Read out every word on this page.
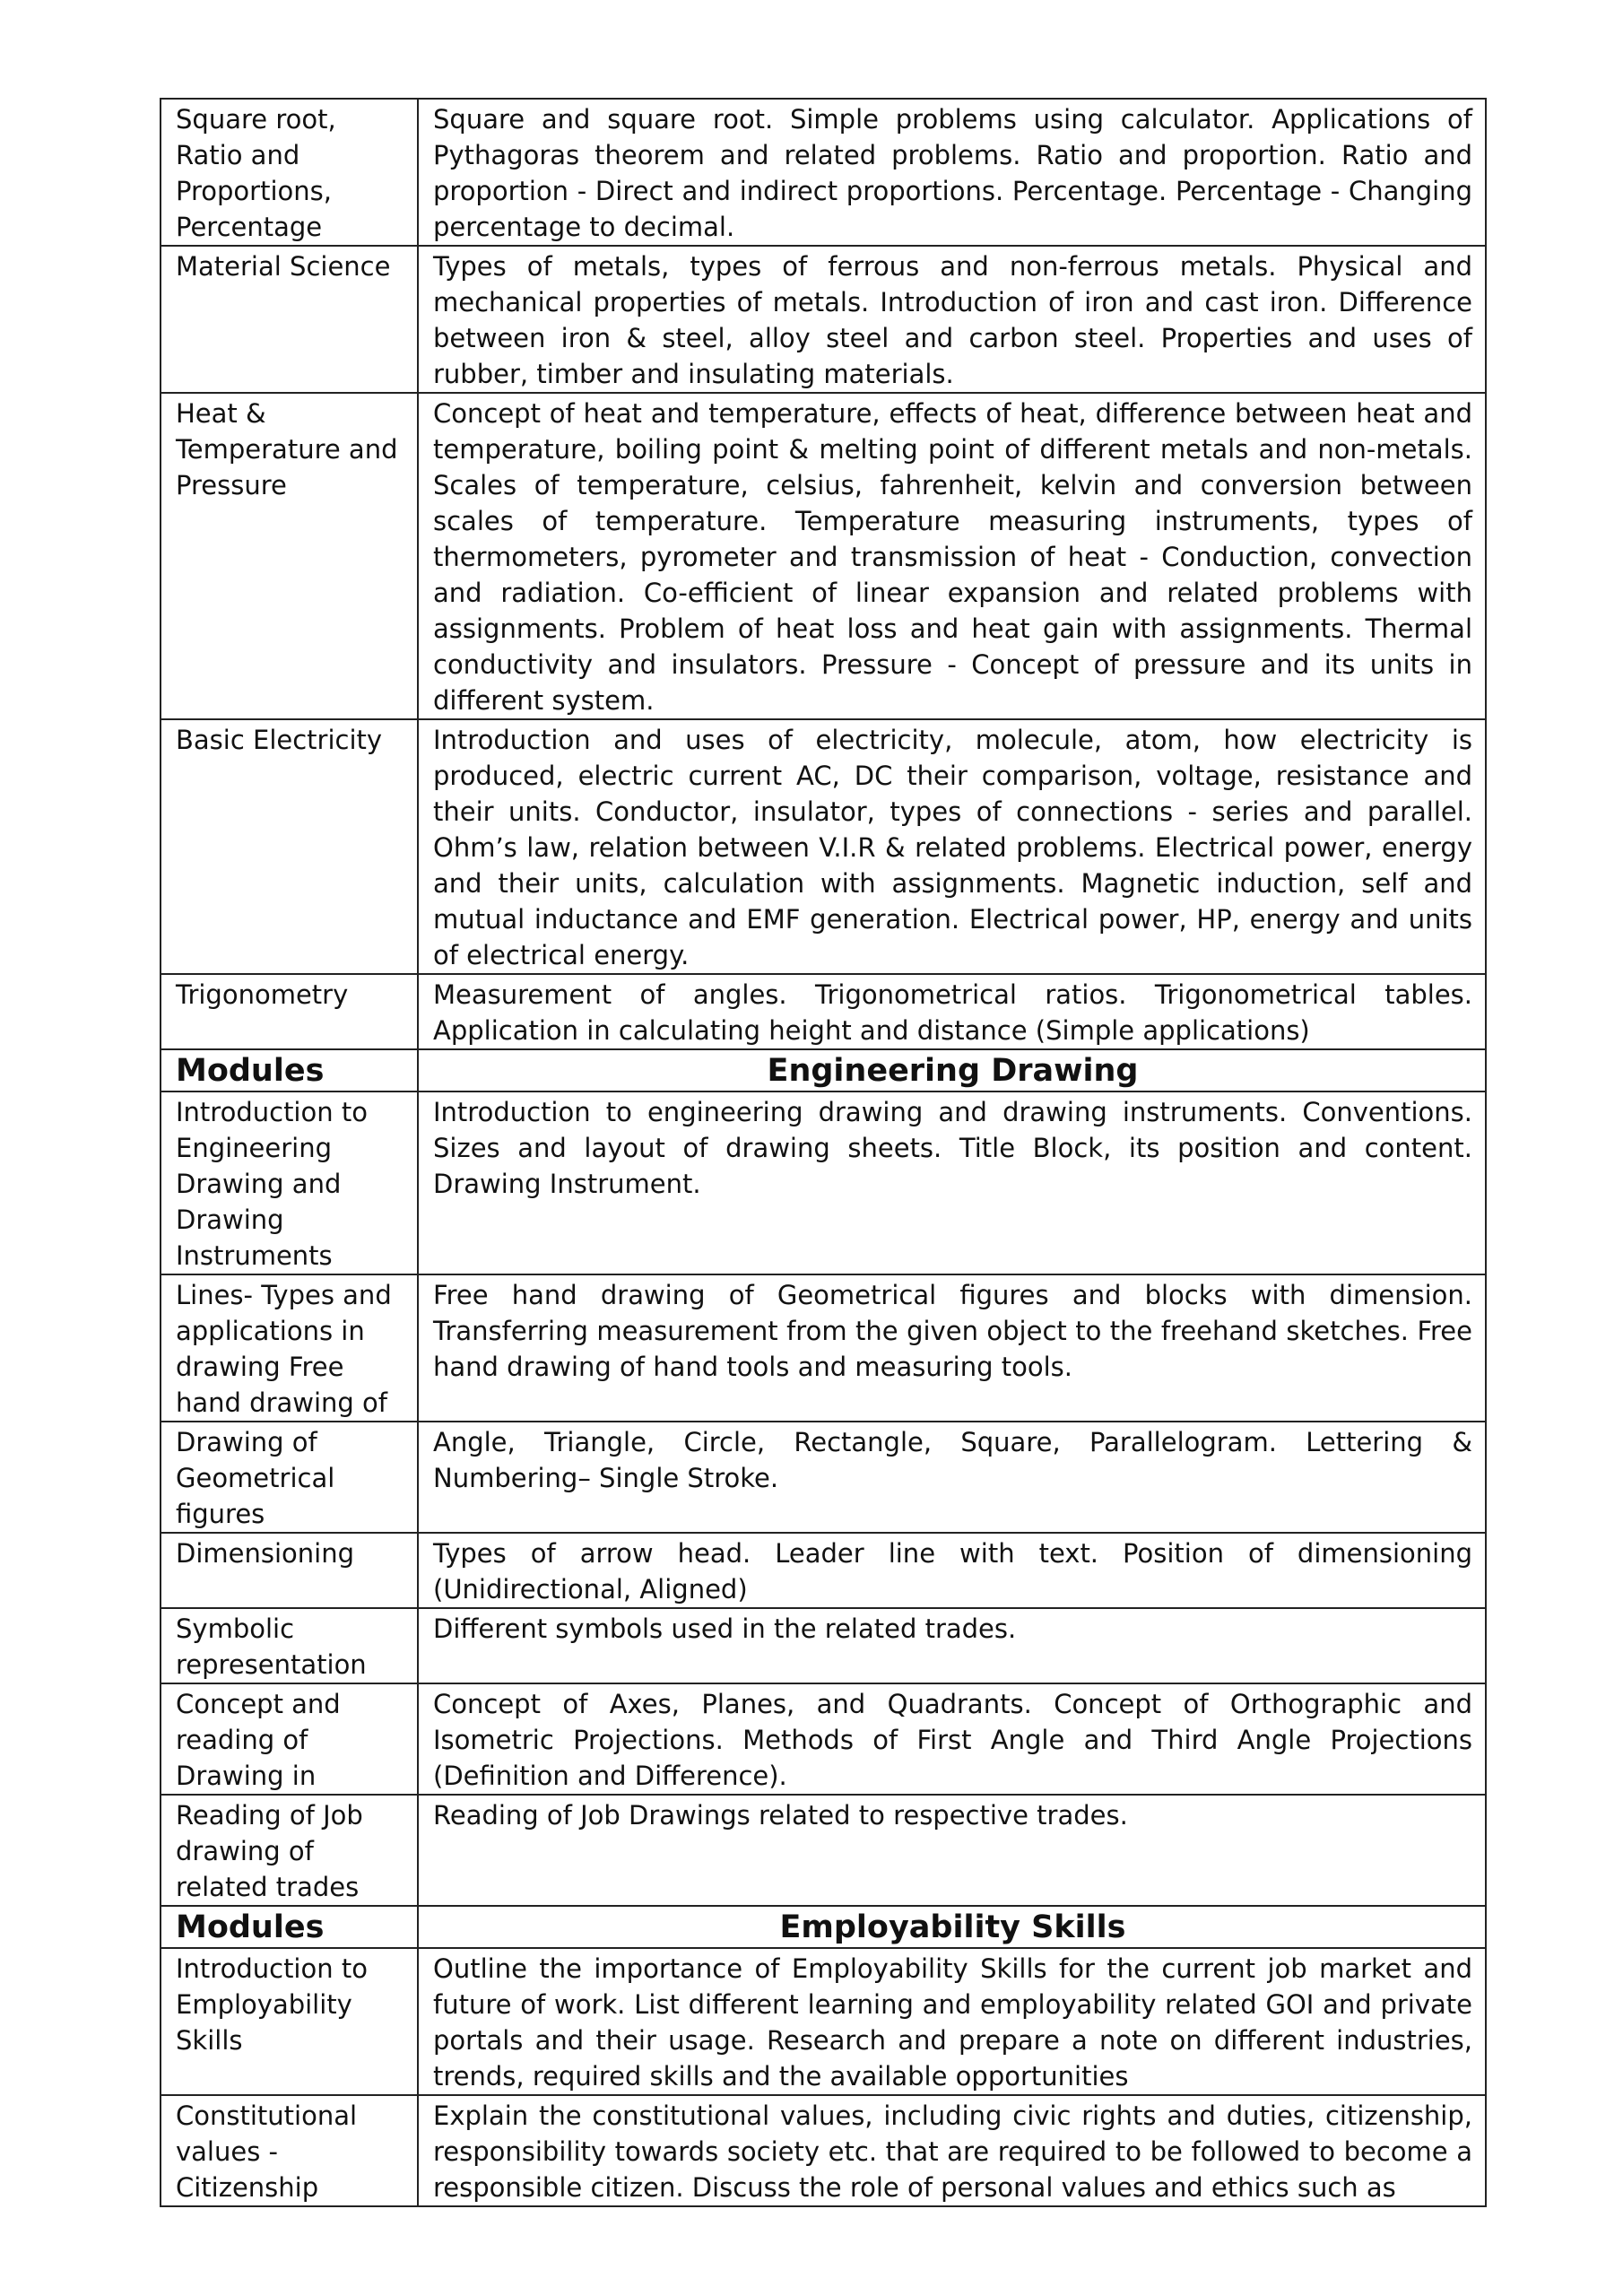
Square root, Ratio and Proportions, Percentage	Square and square root. Simple problems using calculator. Applications of Pythagoras theorem and related problems. Ratio and proportion. Ratio and proportion - Direct and indirect proportions. Percentage. Percentage - Changing percentage to decimal.
Material Science	Types of metals, types of ferrous and non-ferrous metals. Physical and mechanical properties of metals. Introduction of iron and cast iron. Difference between iron & steel, alloy steel and carbon steel. Properties and uses of rubber, timber and insulating materials.
Heat & Temperature and Pressure	Concept of heat and temperature, effects of heat, difference between heat and temperature, boiling point & melting point of different metals and non-metals. Scales of temperature, celsius, fahrenheit, kelvin and conversion between scales of temperature. Temperature measuring instruments, types of thermometers, pyrometer and transmission of heat - Conduction, convection and radiation. Co-efficient of linear expansion and related problems with assignments. Problem of heat loss and heat gain with assignments. Thermal conductivity and insulators. Pressure - Concept of pressure and its units in different system.
Basic Electricity	Introduction and uses of electricity, molecule, atom, how electricity is produced, electric current AC, DC their comparison, voltage, resistance and their units. Conductor, insulator, types of connections - series and parallel. Ohm’s law, relation between V.I.R & related problems. Electrical power, energy and their units, calculation with assignments. Magnetic induction, self and mutual inductance and EMF generation. Electrical power, HP, energy and units of electrical energy.
Trigonometry	Measurement of angles. Trigonometrical ratios. Trigonometrical tables. Application in calculating height and distance (Simple applications)
Modules	Engineering Drawing
Introduction to Engineering Drawing and Drawing Instruments	Introduction to engineering drawing and drawing instruments. Conventions. Sizes and layout of drawing sheets. Title Block, its position and content. Drawing Instrument.
Lines- Types and applications in drawing Free hand drawing of	Free hand drawing of Geometrical figures and blocks with dimension. Transferring measurement from the given object to the freehand sketches. Free hand drawing of hand tools and measuring tools.
Drawing of Geometrical figures	Angle, Triangle, Circle, Rectangle, Square, Parallelogram. Lettering & Numbering– Single Stroke.
Dimensioning	Types of arrow head. Leader line with text. Position of dimensioning (Unidirectional, Aligned)
Symbolic representation	Different symbols used in the related trades.
Concept and reading of Drawing in	Concept of Axes, Planes, and Quadrants. Concept of Orthographic and Isometric Projections. Methods of First Angle and Third Angle Projections (Definition and Difference).
Reading of Job drawing of related trades	Reading of Job Drawings related to respective trades.
Modules	Employability Skills
Introduction to Employability Skills	Outline the importance of Employability Skills for the current job market and future of work. List different learning and employability related GOI and private portals and their usage. Research and prepare a note on different industries, trends, required skills and the available opportunities
Constitutional values - Citizenship	Explain the constitutional values, including civic rights and duties, citizenship, responsibility towards society etc. that are required to be followed to become a responsible citizen. Discuss the role of personal values and ethics such as
